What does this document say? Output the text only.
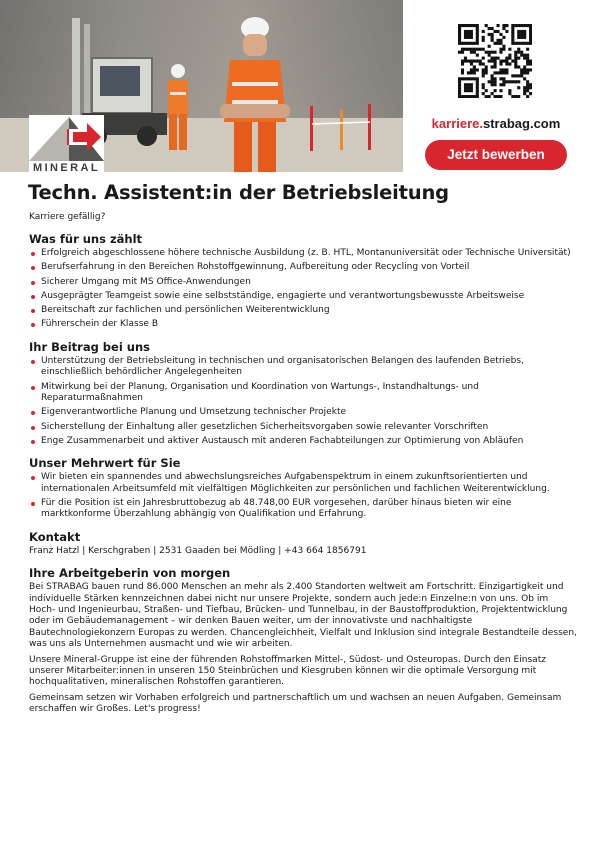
MINERAL
karriere.strabag.com
Jetzt bewerben
Techn. Assistent:in der Betriebsleitung
Karriere gefällig?
Was für uns zählt
Erfolgreich abgeschlossene höhere technische Ausbildung (z. B. HTL, Montanuniversität oder Technische Universität)
Berufserfahrung in den Bereichen Rohstoffgewinnung, Aufbereitung oder Recycling von Vorteil
Sicherer Umgang mit MS Office-Anwendungen
Ausgeprägter Teamgeist sowie eine selbstständige, engagierte und verantwortungsbewusste Arbeitsweise
Bereitschaft zur fachlichen und persönlichen Weiterentwicklung
Führerschein der Klasse B
Ihr Beitrag bei uns
Unterstützung der Betriebsleitung in technischen und organisatorischen Belangen des laufenden Betriebs, einschließlich behördlicher Angelegenheiten
Mitwirkung bei der Planung, Organisation und Koordination von Wartungs-, Instandhaltungs- und Reparaturmaßnahmen
Eigenverantwortliche Planung und Umsetzung technischer Projekte
Sicherstellung der Einhaltung aller gesetzlichen Sicherheitsvorgaben sowie relevanter Vorschriften
Enge Zusammenarbeit und aktiver Austausch mit anderen Fachabteilungen zur Optimierung von Abläufen
Unser Mehrwert für Sie
Wir bieten ein spannendes und abwechslungsreiches Aufgabenspektrum in einem zukunftsorientierten und internationalen Arbeitsumfeld mit vielfältigen Möglichkeiten zur persönlichen und fachlichen Weiterentwicklung.
Für die Position ist ein Jahresbruttobezug ab 48.748,00 EUR vorgesehen, darüber hinaus bieten wir eine marktkonforme Überzahlung abhängig von Qualifikation und Erfahrung.
Kontakt

Franz Hatzl | Kerschgraben | 2531 Gaaden bei Mödling | +43 664 1856791

Ihre Arbeitgeberin von morgen

Bei STRABAG bauen rund 86.000 Menschen an mehr als 2.400 Standorten weltweit am Fortschritt. Einzigartigkeit und individuelle Stärken kennzeichnen dabei nicht nur unsere Projekte, sondern auch jede:n Einzelne:n von uns. Ob im Hoch- und Ingenieurbau, Straßen- und Tiefbau, Brücken- und Tunnelbau, in der Baustoffproduktion, Projektentwicklung oder im Gebäudemanagement – wir denken Bauen weiter, um der innovativste und nachhaltigste Bautechnologiekonzern Europas zu werden. Chancengleichheit, Vielfalt und Inklusion sind integrale Bestandteile dessen, was uns als Unternehmen ausmacht und wie wir arbeiten.

Unsere Mineral-Gruppe ist eine der führenden Rohstoffmarken Mittel-, Südost- und Osteuropas. Durch den Einsatz unserer Mitarbeiter:innen in unseren 150 Steinbrüchen und Kiesgruben können wir die optimale Versorgung mit hochqualitativen, mineralischen Rohstoffen garantieren.

Gemeinsam setzen wir Vorhaben erfolgreich und partnerschaftlich um und wachsen an neuen Aufgaben. Gemeinsam erschaffen wir Großes. Let's progress!
